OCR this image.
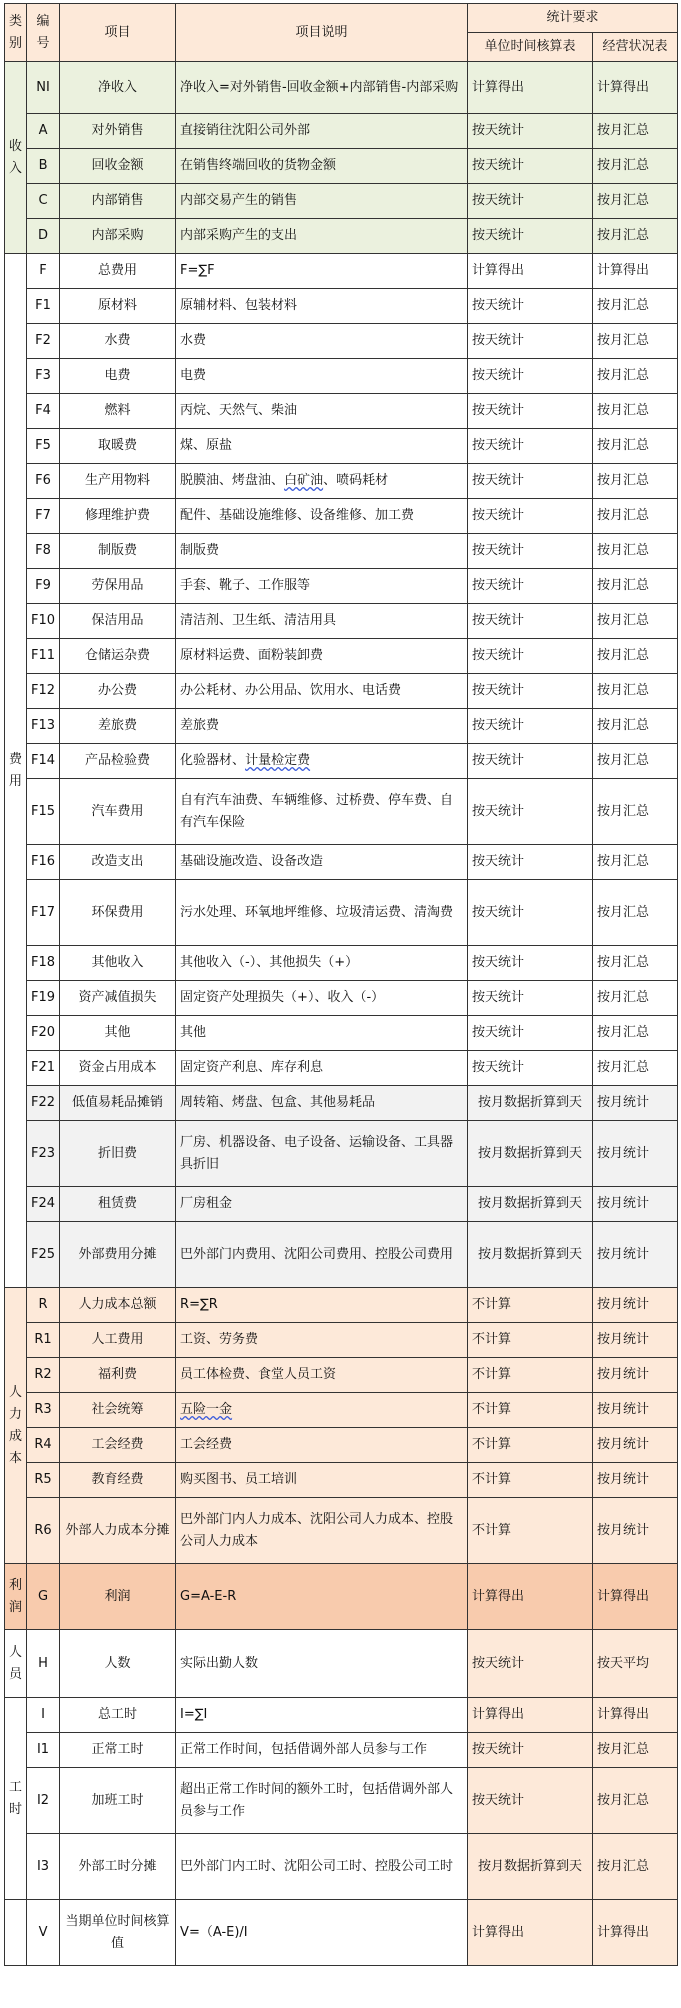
类别	编号	项目	项目说明	统计要求	
				单位时间核算表	经营状况表
收入	NI	净收入	净收入=对外销售-回收金额+内部销售-内部采购	计算得出	计算得出
	A	对外销售	直接销往沈阳公司外部	按天统计	按月汇总
	B	回收金额	在销售终端回收的货物金额	按天统计	按月汇总
	C	内部销售	内部交易产生的销售	按天统计	按月汇总
	D	内部采购	内部采购产生的支出	按天统计	按月汇总
费用	F	总费用	F=∑F	计算得出	计算得出
	F1	原材料	原辅材料、包装材料	按天统计	按月汇总
	F2	水费	水费	按天统计	按月汇总
	F3	电费	电费	按天统计	按月汇总
	F4	燃料	丙烷、天然气、柴油	按天统计	按月汇总
	F5	取暖费	煤、原盐	按天统计	按月汇总
	F6	生产用物料	脱膜油、烤盘油、白矿油、喷码耗材	按天统计	按月汇总
	F7	修理维护费	配件、基础设施维修、设备维修、加工费	按天统计	按月汇总
	F8	制版费	制版费	按天统计	按月汇总
	F9	劳保用品	手套、靴子、工作服等	按天统计	按月汇总
	F10	保洁用品	清洁剂、卫生纸、清洁用具	按天统计	按月汇总
	F11	仓储运杂费	原材料运费、面粉装卸费	按天统计	按月汇总
	F12	办公费	办公耗材、办公用品、饮用水、电话费	按天统计	按月汇总
	F13	差旅费	差旅费	按天统计	按月汇总
	F14	产品检验费	化验器材、计量检定费	按天统计	按月汇总
	F15	汽车费用	自有汽车油费、车辆维修、过桥费、停车费、自有汽车保险	按天统计	按月汇总
	F16	改造支出	基础设施改造、设备改造	按天统计	按月汇总
	F17	环保费用	污水处理、环氧地坪维修、垃圾清运费、清淘费	按天统计	按月汇总
	F18	其他收入	其他收入（-）、其他损失（+）	按天统计	按月汇总
	F19	资产减值损失	固定资产处理损失（+）、收入（-）	按天统计	按月汇总
	F20	其他	其他	按天统计	按月汇总
	F21	资金占用成本	固定资产利息、库存利息	按天统计	按月汇总
	F22	低值易耗品摊销	周转箱、烤盘、包盒、其他易耗品	按月数据折算到天	按月统计
	F23	折旧费	厂房、机器设备、电子设备、运输设备、工具器具折旧	按月数据折算到天	按月统计
	F24	租赁费	厂房租金	按月数据折算到天	按月统计
	F25	外部费用分摊	巴外部门内费用、沈阳公司费用、控股公司费用	按月数据折算到天	按月统计
人力成本	R	人力成本总额	R=∑R	不计算	按月统计
	R1	人工费用	工资、劳务费	不计算	按月统计
	R2	福利费	员工体检费、食堂人员工资	不计算	按月统计
	R3	社会统筹	五险一金	不计算	按月统计
	R4	工会经费	工会经费	不计算	按月统计
	R5	教育经费	购买图书、员工培训	不计算	按月统计
	R6	外部人力成本分摊	巴外部门内人力成本、沈阳公司人力成本、控股公司人力成本	不计算	按月统计
利润	G	利润	G=A-E-R	计算得出	计算得出
人员	H	人数	实际出勤人数	按天统计	按天平均
工时	I	总工时	I=∑I	计算得出	计算得出
	I1	正常工时	正常工作时间，包括借调外部人员参与工作	按天统计	按月汇总
	I2	加班工时	超出正常工作时间的额外工时，包括借调外部人员参与工作	按天统计	按月汇总
	I3	外部工时分摊	巴外部门内工时、沈阳公司工时、控股公司工时	按月数据折算到天	按月汇总
	V	当期单位时间核算值	V=（A-E)/I	计算得出	计算得出
